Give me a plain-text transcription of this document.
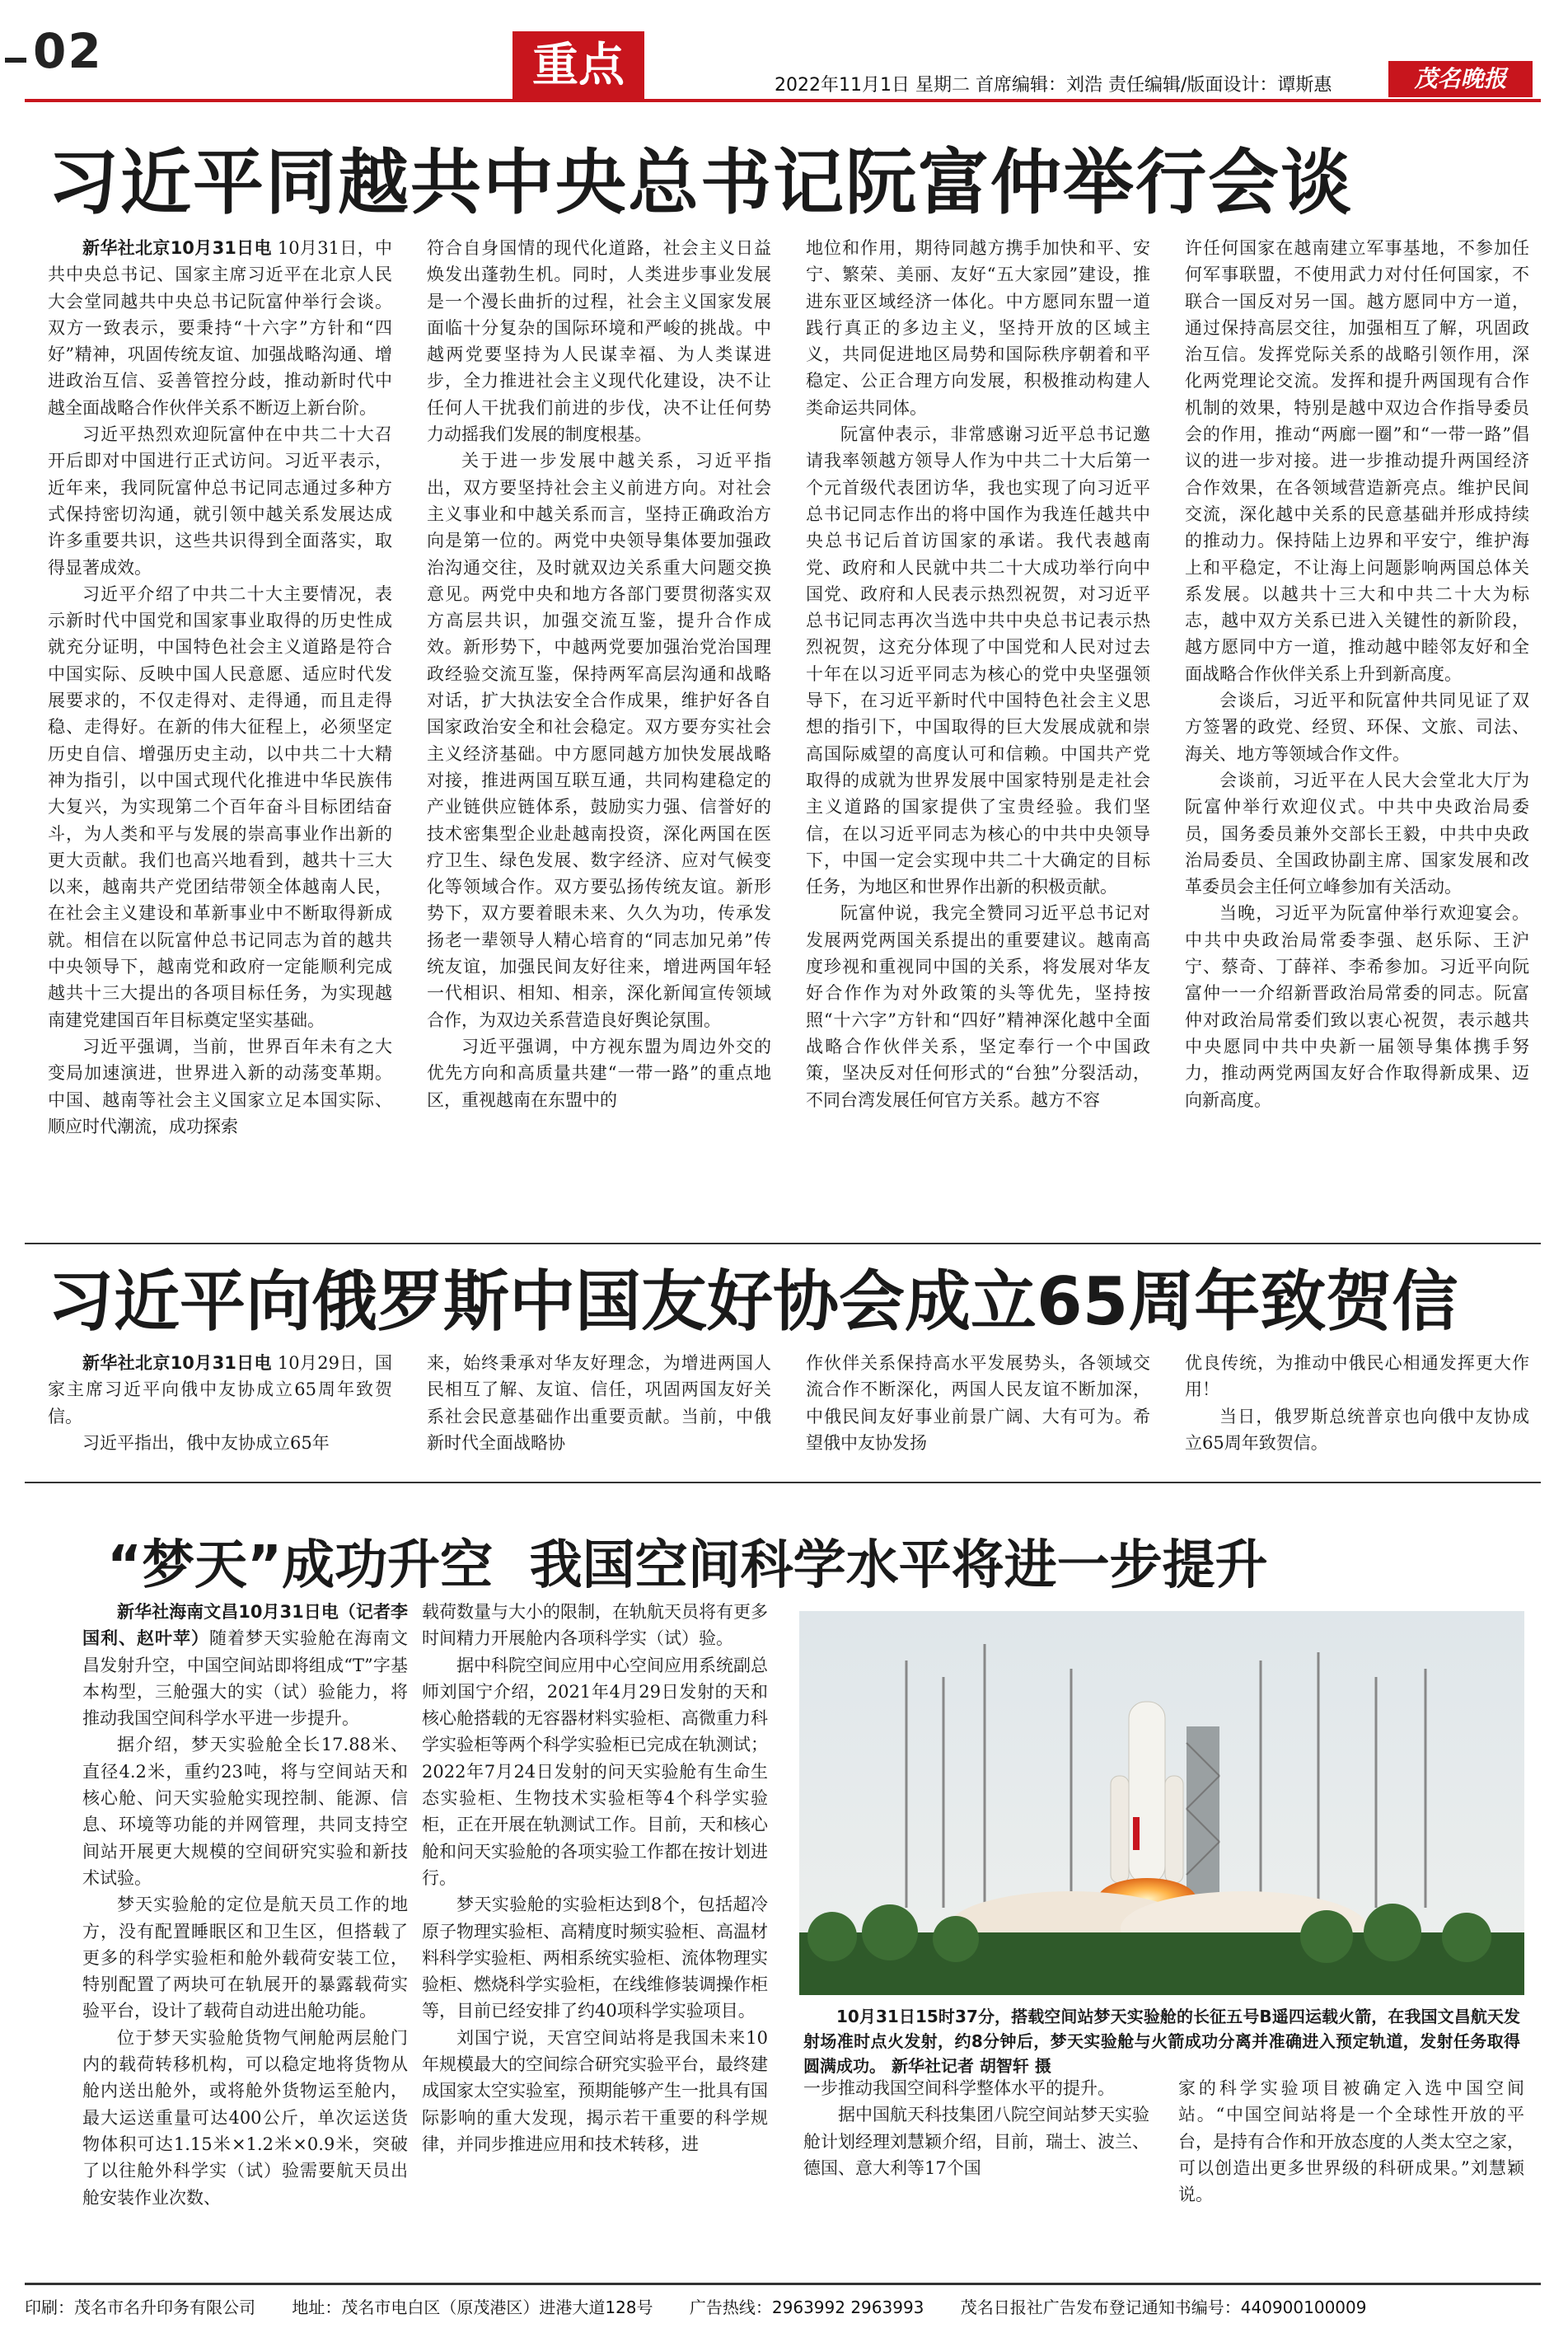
02	重点	2022年11月1日 星期二 首席编辑：刘浩 责任编辑/版面设计：谭斯惠	茂名晚报
习近平同越共中央总书记阮富仲举行会谈

新华社北京10月31日电 10月31日，中共中央总书记、国家主席习近平在北京人民大会堂同越共中央总书记阮富仲举行会谈。双方一致表示，要秉持“十六字”方针和“四好”精神，巩固传统友谊、加强战略沟通、增进政治互信、妥善管控分歧，推动新时代中越全面战略合作伙伴关系不断迈上新台阶。

习近平热烈欢迎阮富仲在中共二十大召开后即对中国进行正式访问。习近平表示，近年来，我同阮富仲总书记同志通过多种方式保持密切沟通，就引领中越关系发展达成许多重要共识，这些共识得到全面落实，取得显著成效。

习近平介绍了中共二十大主要情况，表示新时代中国党和国家事业取得的历史性成就充分证明，中国特色社会主义道路是符合中国实际、反映中国人民意愿、适应时代发展要求的，不仅走得对、走得通，而且走得稳、走得好。在新的伟大征程上，必须坚定历史自信、增强历史主动，以中共二十大精神为指引，以中国式现代化推进中华民族伟大复兴，为实现第二个百年奋斗目标团结奋斗，为人类和平与发展的崇高事业作出新的更大贡献。我们也高兴地看到，越共十三大以来，越南共产党团结带领全体越南人民，在社会主义建设和革新事业中不断取得新成就。相信在以阮富仲总书记同志为首的越共中央领导下，越南党和政府一定能顺利完成越共十三大提出的各项目标任务，为实现越南建党建国百年目标奠定坚实基础。

习近平强调，当前，世界百年未有之大变局加速演进，世界进入新的动荡变革期。中国、越南等社会主义国家立足本国实际、顺应时代潮流，成功探索

符合自身国情的现代化道路，社会主义日益焕发出蓬勃生机。同时，人类进步事业发展是一个漫长曲折的过程，社会主义国家发展面临十分复杂的国际环境和严峻的挑战。中越两党要坚持为人民谋幸福、为人类谋进步，全力推进社会主义现代化建设，决不让任何人干扰我们前进的步伐，决不让任何势力动摇我们发展的制度根基。

关于进一步发展中越关系，习近平指出，双方要坚持社会主义前进方向。对社会主义事业和中越关系而言，坚持正确政治方向是第一位的。两党中央领导集体要加强政治沟通交往，及时就双边关系重大问题交换意见。两党中央和地方各部门要贯彻落实双方高层共识，加强交流互鉴，提升合作成效。新形势下，中越两党要加强治党治国理政经验交流互鉴，保持两军高层沟通和战略对话，扩大执法安全合作成果，维护好各自国家政治安全和社会稳定。双方要夯实社会主义经济基础。中方愿同越方加快发展战略对接，推进两国互联互通，共同构建稳定的产业链供应链体系，鼓励实力强、信誉好的技术密集型企业赴越南投资，深化两国在医疗卫生、绿色发展、数字经济、应对气候变化等领域合作。双方要弘扬传统友谊。新形势下，双方要着眼未来、久久为功，传承发扬老一辈领导人精心培育的“同志加兄弟”传统友谊，加强民间友好往来，增进两国年轻一代相识、相知、相亲，深化新闻宣传领域合作，为双边关系营造良好舆论氛围。

习近平强调，中方视东盟为周边外交的优先方向和高质量共建“一带一路”的重点地区，重视越南在东盟中的

地位和作用，期待同越方携手加快和平、安宁、繁荣、美丽、友好“五大家园”建设，推进东亚区域经济一体化。中方愿同东盟一道践行真正的多边主义，坚持开放的区域主义，共同促进地区局势和国际秩序朝着和平稳定、公正合理方向发展，积极推动构建人类命运共同体。

阮富仲表示，非常感谢习近平总书记邀请我率领越方领导人作为中共二十大后第一个元首级代表团访华，我也实现了向习近平总书记同志作出的将中国作为我连任越共中央总书记后首访国家的承诺。我代表越南党、政府和人民就中共二十大成功举行向中国党、政府和人民表示热烈祝贺，对习近平总书记同志再次当选中共中央总书记表示热烈祝贺，这充分体现了中国党和人民对过去十年在以习近平同志为核心的党中央坚强领导下，在习近平新时代中国特色社会主义思想的指引下，中国取得的巨大发展成就和崇高国际威望的高度认可和信赖。中国共产党取得的成就为世界发展中国家特别是走社会主义道路的国家提供了宝贵经验。我们坚信，在以习近平同志为核心的中共中央领导下，中国一定会实现中共二十大确定的目标任务，为地区和世界作出新的积极贡献。

阮富仲说，我完全赞同习近平总书记对发展两党两国关系提出的重要建议。越南高度珍视和重视同中国的关系，将发展对华友好合作作为对外政策的头等优先，坚持按照“十六字”方针和“四好”精神深化越中全面战略合作伙伴关系，坚定奉行一个中国政策，坚决反对任何形式的“台独”分裂活动，不同台湾发展任何官方关系。越方不容

许任何国家在越南建立军事基地，不参加任何军事联盟，不使用武力对付任何国家，不联合一国反对另一国。越方愿同中方一道，通过保持高层交往，加强相互了解，巩固政治互信。发挥党际关系的战略引领作用，深化两党理论交流。发挥和提升两国现有合作机制的效果，特别是越中双边合作指导委员会的作用，推动“两廊一圈”和“一带一路”倡议的进一步对接。进一步推动提升两国经济合作效果，在各领域营造新亮点。维护民间交流，深化越中关系的民意基础并形成持续的推动力。保持陆上边界和平安宁，维护海上和平稳定，不让海上问题影响两国总体关系发展。以越共十三大和中共二十大为标志，越中双方关系已进入关键性的新阶段，越方愿同中方一道，推动越中睦邻友好和全面战略合作伙伴关系上升到新高度。

会谈后，习近平和阮富仲共同见证了双方签署的政党、经贸、环保、文旅、司法、海关、地方等领域合作文件。

会谈前，习近平在人民大会堂北大厅为阮富仲举行欢迎仪式。中共中央政治局委员，国务委员兼外交部长王毅，中共中央政治局委员、全国政协副主席、国家发展和改革委员会主任何立峰参加有关活动。

当晚，习近平为阮富仲举行欢迎宴会。中共中央政治局常委李强、赵乐际、王沪宁、蔡奇、丁薛祥、李希参加。习近平向阮富仲一一介绍新晋政治局常委的同志。阮富仲对政治局常委们致以衷心祝贺，表示越共中央愿同中共中央新一届领导集体携手努力，推动两党两国友好合作取得新成果、迈向新高度。

习近平向俄罗斯中国友好协会成立65周年致贺信

新华社北京10月31日电 10月29日，国家主席习近平向俄中友协成立65周年致贺信。

习近平指出，俄中友协成立65年

来，始终秉承对华友好理念，为增进两国人民相互了解、友谊、信任，巩固两国友好关系社会民意基础作出重要贡献。当前，中俄新时代全面战略协

作伙伴关系保持高水平发展势头，各领域交流合作不断深化，两国人民友谊不断加深，中俄民间友好事业前景广阔、大有可为。希望俄中友协发扬

优良传统，为推动中俄民心相通发挥更大作用！

当日，俄罗斯总统普京也向俄中友协成立65周年致贺信。

“梦天”成功升空  我国空间科学水平将进一步提升

新华社海南文昌10月31日电（记者李国利、赵叶苹）随着梦天实验舱在海南文昌发射升空，中国空间站即将组成“T”字基本构型，三舱强大的实（试）验能力，将推动我国空间科学水平进一步提升。

据介绍，梦天实验舱全长17.88米、直径4.2米，重约23吨，将与空间站天和核心舱、问天实验舱实现控制、能源、信息、环境等功能的并网管理，共同支持空间站开展更大规模的空间研究实验和新技术试验。

梦天实验舱的定位是航天员工作的地方，没有配置睡眠区和卫生区，但搭载了更多的科学实验柜和舱外载荷安装工位，特别配置了两块可在轨展开的暴露载荷实验平台，设计了载荷自动进出舱功能。

位于梦天实验舱货物气闸舱两层舱门内的载荷转移机构，可以稳定地将货物从舱内送出舱外，或将舱外货物运至舱内，最大运送重量可达400公斤，单次运送货物体积可达1.15米×1.2米×0.9米，突破了以往舱外科学实（试）验需要航天员出舱安装作业次数、

载荷数量与大小的限制，在轨航天员将有更多时间精力开展舱内各项科学实（试）验。

据中科院空间应用中心空间应用系统副总师刘国宁介绍，2021年4月29日发射的天和核心舱搭载的无容器材料实验柜、高微重力科学实验柜等两个科学实验柜已完成在轨测试；2022年7月24日发射的问天实验舱有生命生态实验柜、生物技术实验柜等4个科学实验柜，正在开展在轨测试工作。目前，天和核心舱和问天实验舱的各项实验工作都在按计划进行。

梦天实验舱的实验柜达到8个，包括超冷原子物理实验柜、高精度时频实验柜、高温材料科学实验柜、两相系统实验柜、流体物理实验柜、燃烧科学实验柜，在线维修装调操作柜等，目前已经安排了约40项科学实验项目。

刘国宁说，天宫空间站将是我国未来10年规模最大的空间综合研究实验平台，最终建成国家太空实验室，预期能够产生一批具有国际影响的重大发现，揭示若干重要的科学规律，并同步推进应用和技术转移，进

10月31日15时37分，搭载空间站梦天实验舱的长征五号B遥四运载火箭，在我国文昌航天发射场准时点火发射，约8分钟后，梦天实验舱与火箭成功分离并准确进入预定轨道，发射任务取得圆满成功。 新华社记者 胡智轩 摄

一步推动我国空间科学整体水平的提升。

据中国航天科技集团八院空间站梦天实验舱计划经理刘慧颖介绍，目前，瑞士、波兰、德国、意大利等17个国

家的科学实验项目被确定入选中国空间站。“中国空间站将是一个全球性开放的平台，是持有合作和开放态度的人类太空之家，可以创造出更多世界级的科研成果。”刘慧颖说。

印刷：茂名市名升印务有限公司 地址：茂名市电白区（原茂港区）进港大道128号 广告热线：2963992 2963993 茂名日报社广告发布登记通知书编号：440900100009
